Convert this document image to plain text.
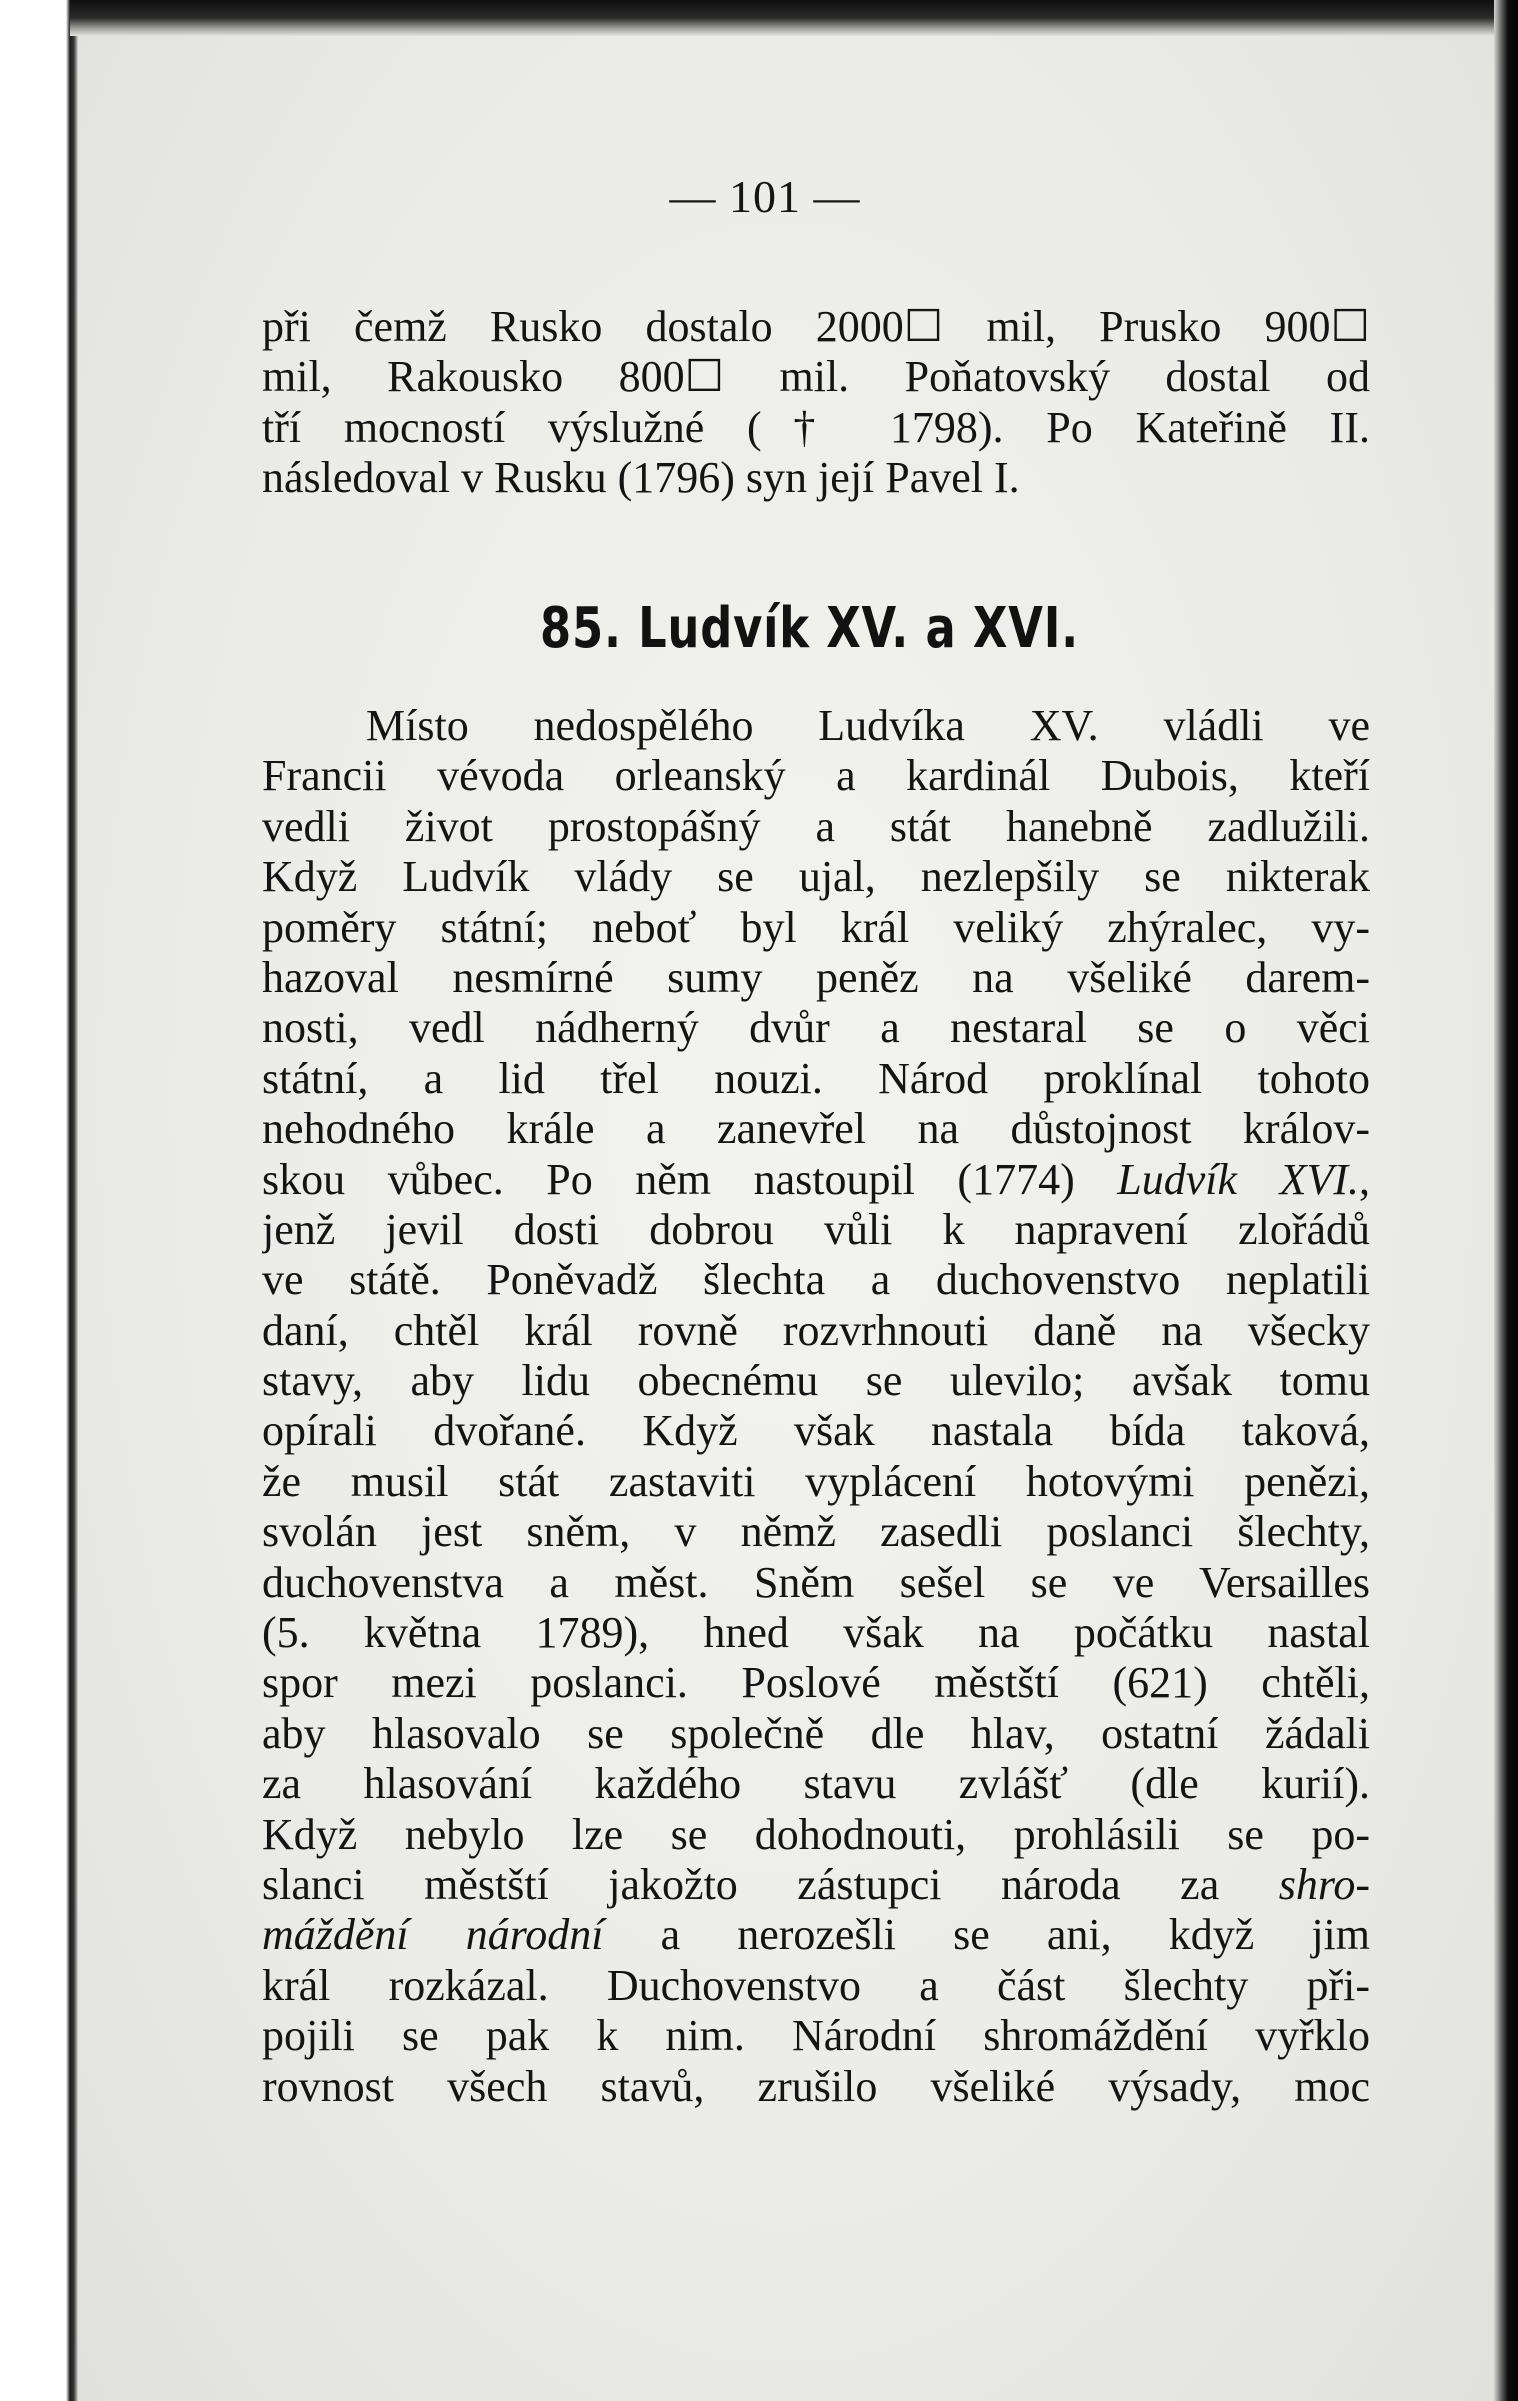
— 101 —
při čemž Rusko dostalo 2000☐ mil, Prusko 900☐
mil, Rakousko 800☐ mil. Poňatovský dostal od
tří mocností výslužné († 1798). Po Kateřině II.
následoval v Rusku (1796) syn její Pavel I.
85. Ludvík XV. a XVI.
Místo nedospělého Ludvíka XV. vládli ve
Francii vévoda orleanský a kardinál Dubois, kteří
vedli život prostopášný a stát hanebně zadlužili.
Když Ludvík vlády se ujal, nezlepšily se nikterak
poměry státní; neboť byl král veliký zhýralec, vy-
hazoval nesmírné sumy peněz na všeliké darem-
nosti, vedl nádherný dvůr a nestaral se o věci
státní, a lid třel nouzi. Národ proklínal tohoto
nehodného krále a zanevřel na důstojnost králov-
skou vůbec. Po něm nastoupil (1774) Ludvík XVI.,
jenž jevil dosti dobrou vůli k napravení zlořádů
ve státě. Poněvadž šlechta a duchovenstvo neplatili
daní, chtěl král rovně rozvrhnouti daně na všecky
stavy, aby lidu obecnému se ulevilo; avšak tomu
opírali dvořané. Když však nastala bída taková,
že musil stát zastaviti vyplácení hotovými penězi,
svolán jest sněm, v němž zasedli poslanci šlechty,
duchovenstva a měst. Sněm sešel se ve Versailles
(5. května 1789), hned však na počátku nastal
spor mezi poslanci. Poslové městští (621) chtěli,
aby hlasovalo se společně dle hlav, ostatní žádali
za hlasování každého stavu zvlášť (dle kurií).
Když nebylo lze se dohodnouti, prohlásili se po-
slanci městští jakožto zástupci národa za shro-
máždění národní a nerozešli se ani, když jim
král rozkázal. Duchovenstvo a část šlechty při-
pojili se pak k nim. Národní shromáždění vyřklo
rovnost všech stavů, zrušilo všeliké výsady, moc
